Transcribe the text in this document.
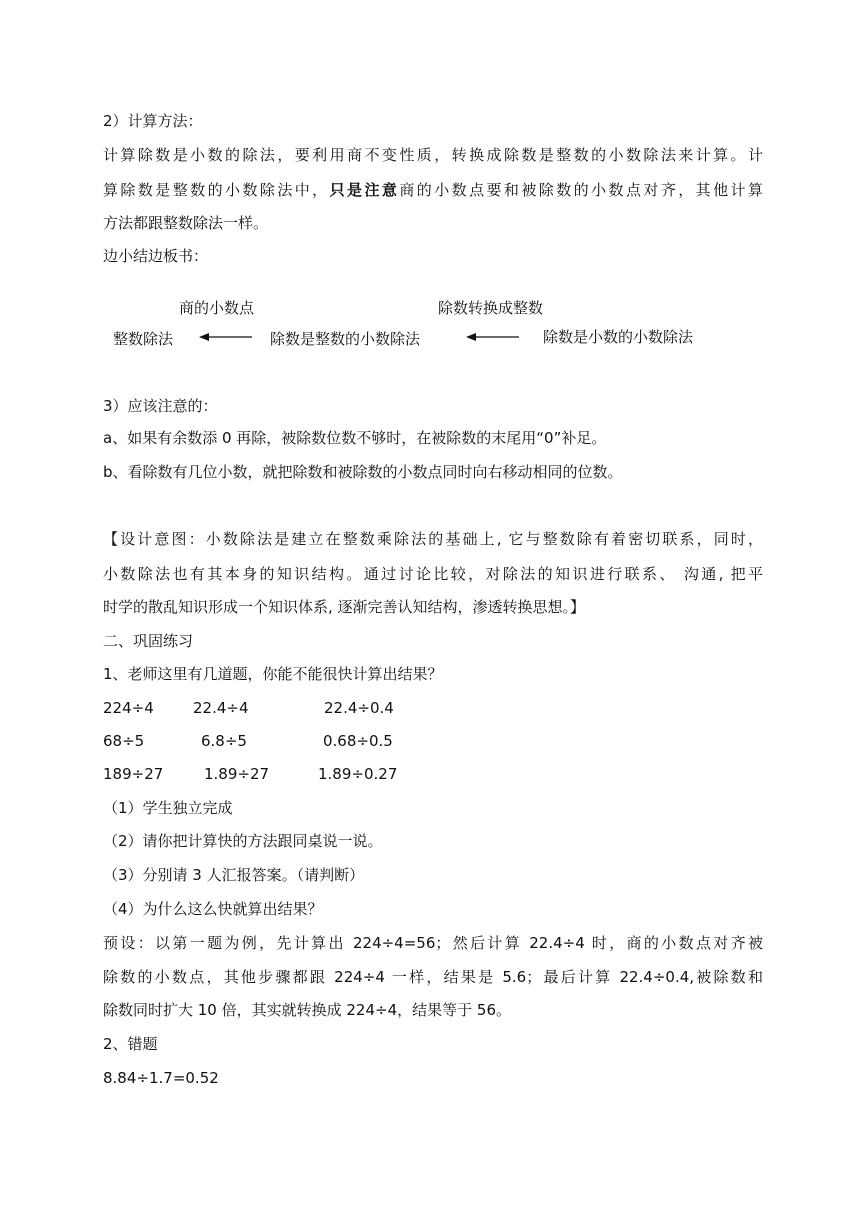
2）计算方法：
计算除数是小数的除法，要利用商不变性质，转换成除数是整数的小数除法来计算。计
算除数是整数的小数除法中，只是注意商的小数点要和被除数的小数点对齐，其他计算
方法都跟整数除法一样。
边小结边板书：
商的小数点	除数转换成整数
整数除法	除数是整数的小数除法	除数是小数的小数除法
3）应该注意的：
a、如果有余数添 0 再除，被除数位数不够时，在被除数的末尾用“0”补足。
b、看除数有几位小数，就把除数和被除数的小数点同时向右移动相同的位数。
【设计意图：小数除法是建立在整数乘除法的基础上, 它与整数除有着密切联系，同时，
小数除法也有其本身的知识结构。通过讨论比较，对除法的知识进行联系、 沟通, 把平
时学的散乱知识形成一个知识体系, 逐渐完善认知结构，渗透转换思想。】
二、巩固练习
1、老师这里有几道题，你能不能很快计算出结果？
224÷4	22.4÷4	22.4÷0.4
68÷5	6.8÷5	0.68÷0.5
189÷27	1.89÷27	1.89÷0.27
（1）学生独立完成
（2）请你把计算快的方法跟同桌说一说。
（3）分别请 3 人汇报答案。（请判断）
（4）为什么这么快就算出结果？
预设：以第一题为例，先计算出 224÷4=56；然后计算 22.4÷4 时，商的小数点对齐被
除数的小数点，其他步骤都跟 224÷4 一样，结果是 5.6；最后计算 22.4÷0.4,被除数和
除数同时扩大 10 倍，其实就转换成 224÷4，结果等于 56。
2、错题
8.84÷1.7=0.52
